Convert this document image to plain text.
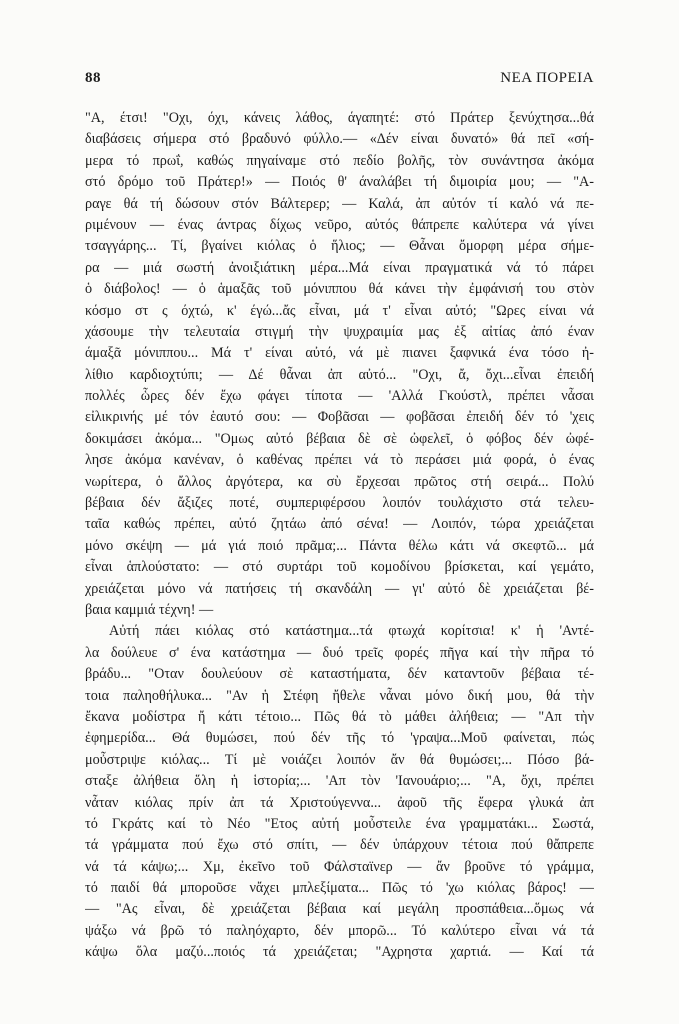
88	ΝΕΑ ΠΟΡΕΙΑ
"Α, έτσι! "Οχι, όχι, κάνεις λάθος, άγαπητέ: στό Πράτερ ξενύχτησα...θά
διαβάσεις σήμερα στό βραδυνό φύλλο.— «Δέν είναι δυνατό» θά πεῖ «σή-
μερα τό πρωΐ, καθώς πηγαίναμε στό πεδίο βολῆς, τὸν συνάντησα ἀκόμα
στό δρόμο τοῦ Πράτερ!» — Ποιός θ' άναλάβει τή διμοιρία μου; — "Α-
ραγε θά τή δώσουν στόν Βάλτερερ; — Καλά, ἀπ αὐτόν τί καλό νά πε-
ριμένουν — ένας άντρας δίχως νεῦρο, αὐτός θάπρεπε καλύτερα νά γίνει
τσαγγάρης... Τί, βγαίνει κιόλας ὁ ἥλιος; — Θἆναι ὄμορφη μέρα σήμε-
ρα — μιά σωστή ἀνοιξιάτικη μέρα...Μά είναι πραγματικά νά τό πάρει
ὁ διάβολος! — ὁ ἁμαξᾶς τοῦ μόνιππου θά κάνει τὴν ἐμφάνισή του στὸν
κόσμο στ ς όχτώ, κ' έγώ...ἄς εἶναι, μά τ' εἶναι αὐτό; "Ωρες είναι νά
χάσουμε τὴν τελευταία στιγμή τὴν ψυχραιμία μας ἐξ αἰτίας ἀπό έναν
άμαξᾶ μόνιππου... Μά τ' είναι αὐτό, νά μὲ πιανει ξαφνικά ένα τόσο ἠ-
λίθιο καρδιοχτύπι; — Δέ θἆναι ἀπ αὐτό... "Οχι, ἄ, ὄχι...εἶναι ἐπειδή
πολλές ὧρες δέν ἔχω φάγει τίποτα — 'Αλλά Γκούστλ, πρέπει νἆσαι
εἰλικρινής μέ τόν ἑαυτό σου: — Φοβᾶσαι — φοβᾶσαι ἐπειδή δέν τό 'χεις
δοκιμάσει ἀκόμα... "Ομως αὐτό βέβαια δὲ σὲ ὠφελεῖ, ὁ φόβος δέν ὠφέ-
λησε ἀκόμα κανέναν, ὁ καθένας πρέπει νά τὸ περάσει μιά φορά, ὁ ένας
νωρίτερα, ὁ ἄλλος ἀργότερα, κα σὺ ἔρχεσαι πρῶτος στή σειρά... Πολύ
βέβαια δέν ἄξιζες ποτέ, συμπεριφέρσου λοιπόν τουλάχιστο στά τελευ-
ταῖα καθώς πρέπει, αὐτό ζητάω ἀπό σένα! — Λοιπόν, τώρα χρειάζεται
μόνο σκέψη — μά γιά ποιό πρᾶμα;... Πάντα θέλω κάτι νά σκεφτῶ... μά
εἶναι ἁπλούστατο: — στό συρτάρι τοῦ κομοδίνου βρίσκεται, καί γεμάτο,
χρειάζεται μόνο νά πατήσεις τή σκανδάλη — γι' αὐτό δὲ χρειάζεται βέ-
βαια καμμιά τέχνη! —
Αὐτή πάει κιόλας στό κατάστημα...τά φτωχά κορίτσια! κ' ἡ 'Αντέ-
λα δούλευε σ' ένα κατάστημα — δυό τρεῖς φορές πῆγα καί τὴν πῆρα τό
βράδυ... "Οταν δουλεύουν σὲ καταστήματα, δέν καταντοῦν βέβαια τέ-
τοια παληοθήλυκα... "Αν ἡ Στέφη ἤθελε νἆναι μόνο δική μου, θά τὴν
ἔκανα μοδίστρα ἤ κάτι τέτοιο... Πῶς θά τὸ μάθει ἀλήθεια; — "Απ τὴν
ἐφημερίδα... Θά θυμώσει, πού δέν τῆς τό 'γραψα...Μοῦ φαίνεται, πώς
μοὖστριψε κιόλας... Τί μὲ νοιάζει λοιπόν ἄν θά θυμώσει;... Πόσο βά-
σταξε ἀλήθεια ὅλη ἡ ἱστορία;... 'Απ τὸν 'Ιανουάριο;... "Α, ὄχι, πρέπει
νἆταν κιόλας πρίν ἀπ τά Χριστούγεννα... ἀφοῦ τῆς ἔφερα γλυκά ἀπ
τό Γκράτς καί τὸ Νέο "Ετος αὐτή μοὖστειλε ένα γραμματάκι... Σωστά,
τά γράμματα πού ἔχω στό σπίτι, — δέν ὑπάρχουν τέτοια πού θἄπρεπε
νά τά κάψω;... Χμ, ἐκεῖνο τοῦ Φάλσταϊνερ — ἄν βροῦνε τό γράμμα,
τό παιδί θά μποροῦσε νἄχει μπλεξίματα... Πῶς τό 'χω κιόλας βάρος! —
— "Ας εἶναι, δὲ χρειάζεται βέβαια καί μεγάλη προσπάθεια...ὅμως νά
ψάξω νά βρῶ τό παληόχαρτο, δέν μπορῶ... Τό καλύτερο εἶναι νά τά
κάψω ὅλα μαζύ...ποιός τά χρειάζεται; "Αχρηστα χαρτιά. — Καί τά
